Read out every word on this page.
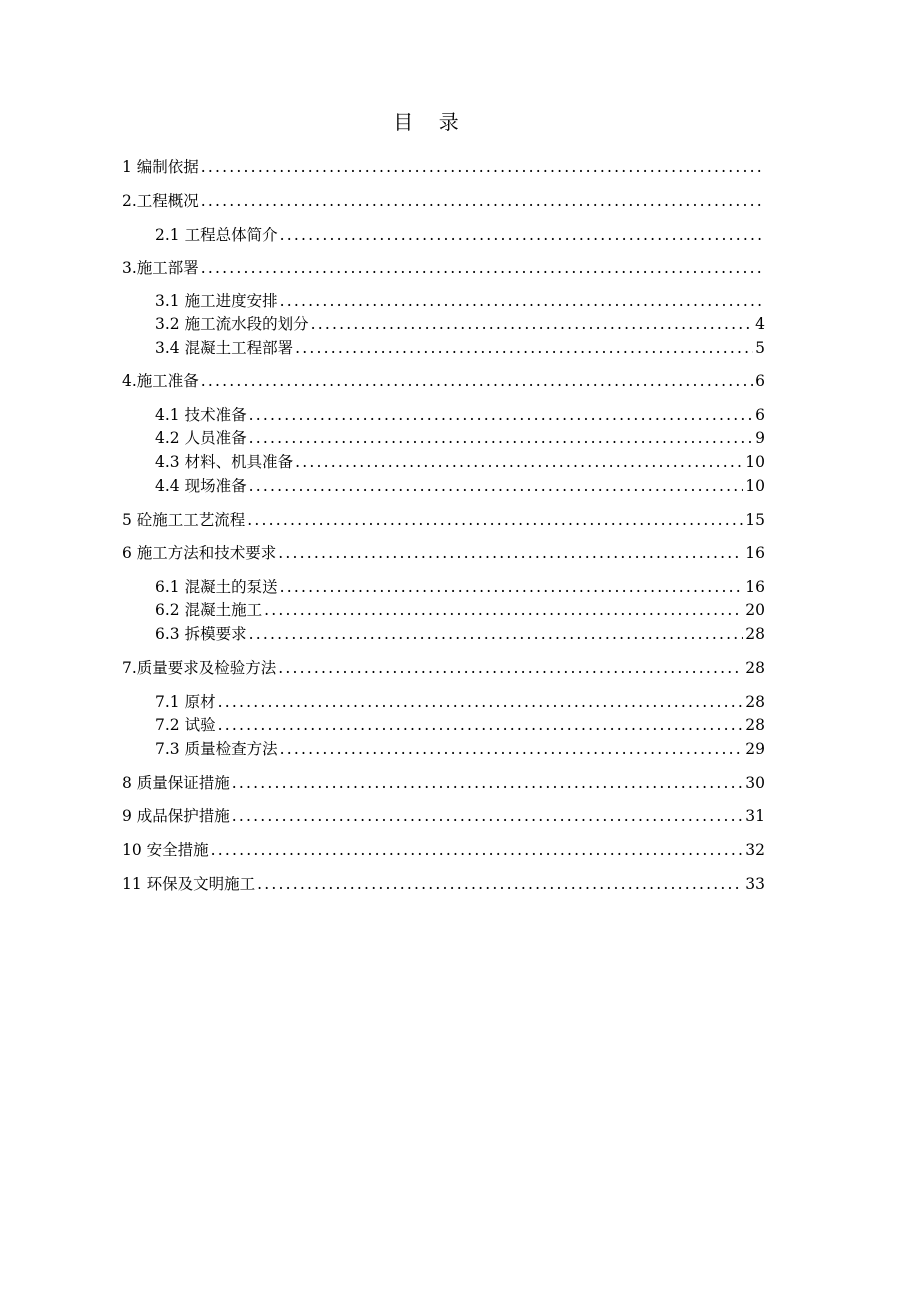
目    录
1 编制依据
.....
2.工程概况
.....
2.1 工程总体简介
.....
3.施工部署
.....
3.1 施工进度安排
.....
3.2 施工流水段的划分 .....	4
3.4 混凝土工程部署 .....	5
4.施工准备 .....	6
4.1 技术准备 .....	6
4.2 人员准备 .....	9
4.3 材料、机具准备 .....	10
4.4 现场准备 .....	10
5 砼施工工艺流程 .....	15
6 施工方法和技术要求 .....	16
6.1 混凝土的泵送 .....	16
6.2 混凝土施工 .....	20
6.3 拆模要求 .....	28
7.质量要求及检验方法 .....	28
7.1 原材 .....	28
7.2 试验 .....	28
7.3 质量检查方法 .....	29
8 质量保证措施 .....	30
9 成品保护措施 .....	31
10 安全措施 .....	32
11 环保及文明施工 .....	33
